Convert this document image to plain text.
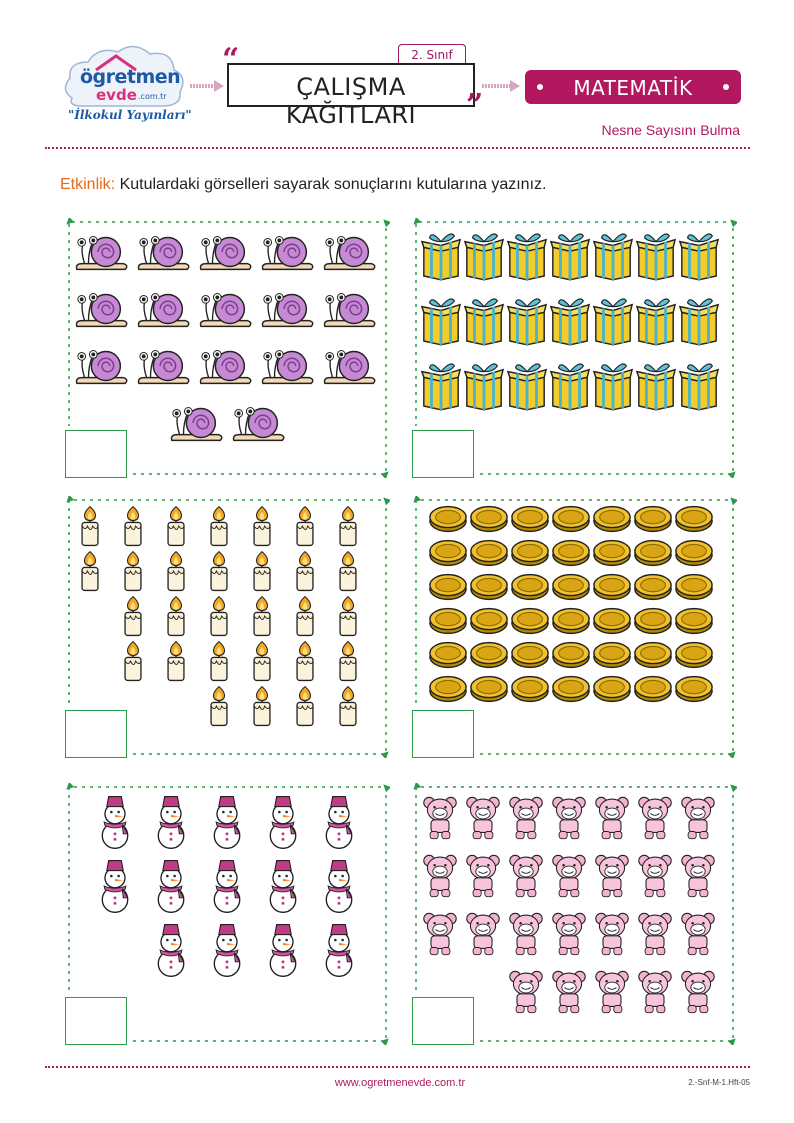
ögretmen
evde .com.tr
"İlkokul Yayınları"
“	2. Sınıf
ÇALIŞMA KAĞITLARI	”	MATEMATİK
Nesne Sayısını Bulma
Etkinlik: Kutulardaki görselleri sayarak sonuçlarını kutularına yazınız.
www.ogretmenevde.com.tr	2.-Snf-M-1.Hft-05
